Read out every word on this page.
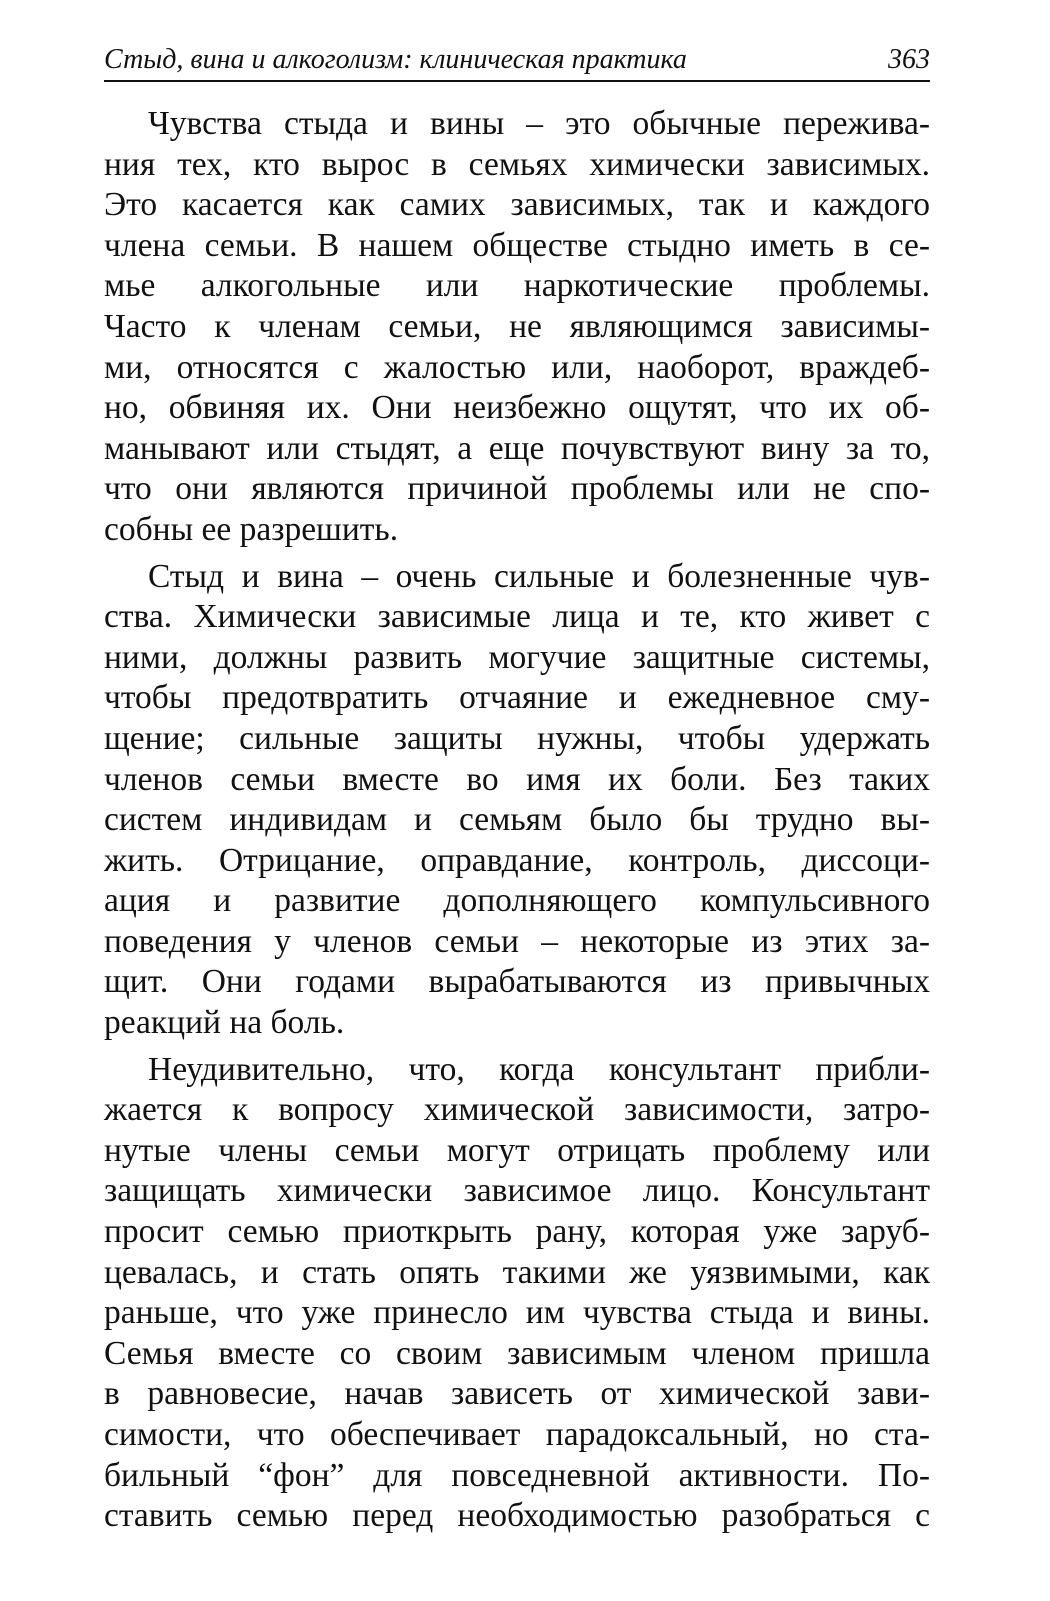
Стыд, вина и алкоголизм: клиническая практика	363

Чувства стыда и вины – это обычные пережива-
ния тех, кто вырос в семьях химически зависимых.
Это касается как самих зависимых, так и каждого
члена семьи. В нашем обществе стыдно иметь в се-
мье алкогольные или наркотические проблемы.
Часто к членам семьи, не являющимся зависимы-
ми, относятся с жалостью или, наоборот, враждеб-
но, обвиняя их. Они неизбежно ощутят, что их об-
манывают или стыдят, а еще почувствуют вину за то,
что они являются причиной проблемы или не спо-
собны ее разрешить.

Стыд и вина – очень сильные и болезненные чув-
ства. Химически зависимые лица и те, кто живет с
ними, должны развить могучие защитные системы,
чтобы предотвратить отчаяние и ежедневное сму-
щение; сильные защиты нужны, чтобы удержать
членов семьи вместе во имя их боли. Без таких
систем индивидам и семьям было бы трудно вы-
жить. Отрицание, оправдание, контроль, диссоци-
ация и развитие дополняющего компульсивного
поведения у членов семьи – некоторые из этих за-
щит. Они годами вырабатываются из привычных
реакций на боль.

Неудивительно, что, когда консультант прибли-
жается к вопросу химической зависимости, затро-
нутые члены семьи могут отрицать проблему или
защищать химически зависимое лицо. Консультант
просит семью приоткрыть рану, которая уже заруб-
цевалась, и стать опять такими же уязвимыми, как
раньше, что уже принесло им чувства стыда и вины.
Семья вместе со своим зависимым членом пришла
в равновесие, начав зависеть от химической зави-
симости, что обеспечивает парадоксальный, но ста-
бильный “фон” для повседневной активности. По-
ставить семью перед необходимостью разобраться с
